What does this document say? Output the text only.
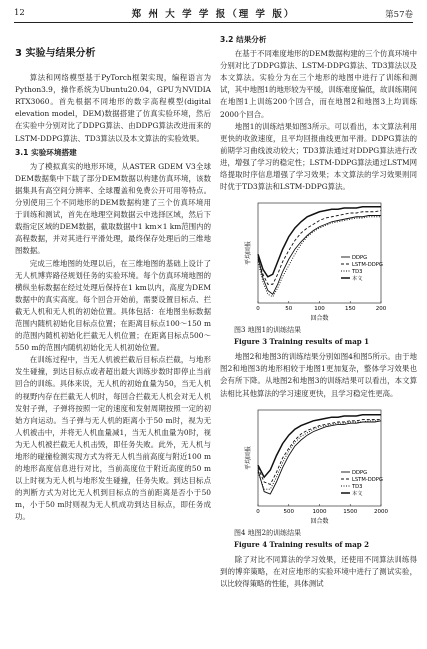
12	郑 州 大 学 学 报（理 学 版）	第57卷
3 实验与结果分析

算法和网络模型基于PyTorch框架实现，编程语言为Python3.9，操作系统为Ubuntu20.04，GPU为NVIDIA RTX3060。首先根据不同地形的数字高程模型(digital elevation model，DEM)数据搭建了仿真实验环境，然后在实验中分别对比了DDPG算法、由DDPG算法改进而来的LSTM-DDPG算法、TD3算法以及本文算法的实验效果。

3.1 实验环境搭建

为了模拟真实的地形环境，从ASTER GDEM V3全球DEM数据集中下载了部分DEM数据以构建仿真环境，该数据集具有高空间分辨率、全球覆盖和免费公开可用等特点。分别使用三个不同地形的DEM数据构建了三个仿真环境用于训练和测试，首先在地理空间数据云中选择区域，然后下载指定区域的DEM数据，截取数据中1 km×1 km范围内的高程数据，并对其进行平滑处理，最终保存处理后的三维地图数据。

完成三维地图的处理以后，在三维地图的基础上设计了无人机博弈路径规划任务的实验环境。每个仿真环境地图的横纵坐标数据在经过处理后保持在1 km以内，高度为DEM数据中的真实高度。每个回合开始前，需要设置目标点、拦截无人机和无人机的初始位置。具体包括：在地图坐标数据范围内随机初始化目标点位置；在距离目标点100～150 m的范围内随机初始化拦截无人机位置；在距离目标点500～550 m的范围内随机初始化无人机初始位置。

在训练过程中，当无人机被拦截后目标点拦截，与地形发生碰撞，到达目标点或者超出最大训练步数时即停止当前回合的训练。具体来说，无人机的初始血量为50，当无人机的视野内存在拦截无人机时，每回合拦截无人机会对无人机发射子弹，子弹将按照一定的速度和发射周期按照一定的初始方向运动。当子弹与无人机的距离小于50 m时，视为无人机被击中，并将无人机血量减1，当无人机血量为0时，视为无人机被拦截无人机击毁，即任务失败。此外，无人机与地形的碰撞检测实现方式为将无人机当前高度与附近100 m的地形高度信息进行对比，当前高度位于附近高度的50 m以上时视为无人机与地形发生碰撞，任务失败。到达目标点的判断方式为对比无人机到目标点的当前距离是否小于50 m，小于50 m时则视为无人机成功到达目标点，即任务成功。

3.2 结果分析

在基于不同难度地形的DEM数据构建的三个仿真环境中分别对比了DDPG算法、LSTM-DDPG算法、TD3算法以及本文算法。实验分为在三个地形的地图中进行了训练和测试，其中地图1的地形较为平缓，训练难度偏低，故训练期间在地图1上训练200个回合，而在地图2和地图3上均训练2000个回合。

地图1的训练结果如图3所示。可以看出，本文算法利用更快的收敛速度，且平均回报曲线更加平滑。DDPG算法的前期学习曲线波动较大；TD3算法通过对DDPG算法进行改进，增强了学习的稳定性；LSTM-DDPG算法通过LSTM网络提取时序信息增强了学习效果；本文算法的学习效果则同时优于TD3算法和LSTM-DDPG算法。

0	50	100	150	200
回合数
平均回报	DDPG
LSTM-DDPG
TD3
本文

图3 地图1的训练结果

Figure 3 Training results of map 1

地图2和地图3的训练结果分别如图4和图5所示。由于地图2和地图3的地形相较于地图1更加复杂，整体学习效果也会有所下降。从地图2和地图3的训练结果可以看出，本文算法相比其他算法的学习速度更快，且学习稳定性更高。

0	500	1000	1500	2000
回合数
平均回报
DDPG
LSTM-DDPG
TD3
本文

图4 地图2的训练结果

Figure 4 Training results of map 2

除了对比不同算法的学习效果，还使用不同算法训练得到的博弈策略，在对应地形的实验环境中进行了测试实验，以比较得策略的性能，具体测试
